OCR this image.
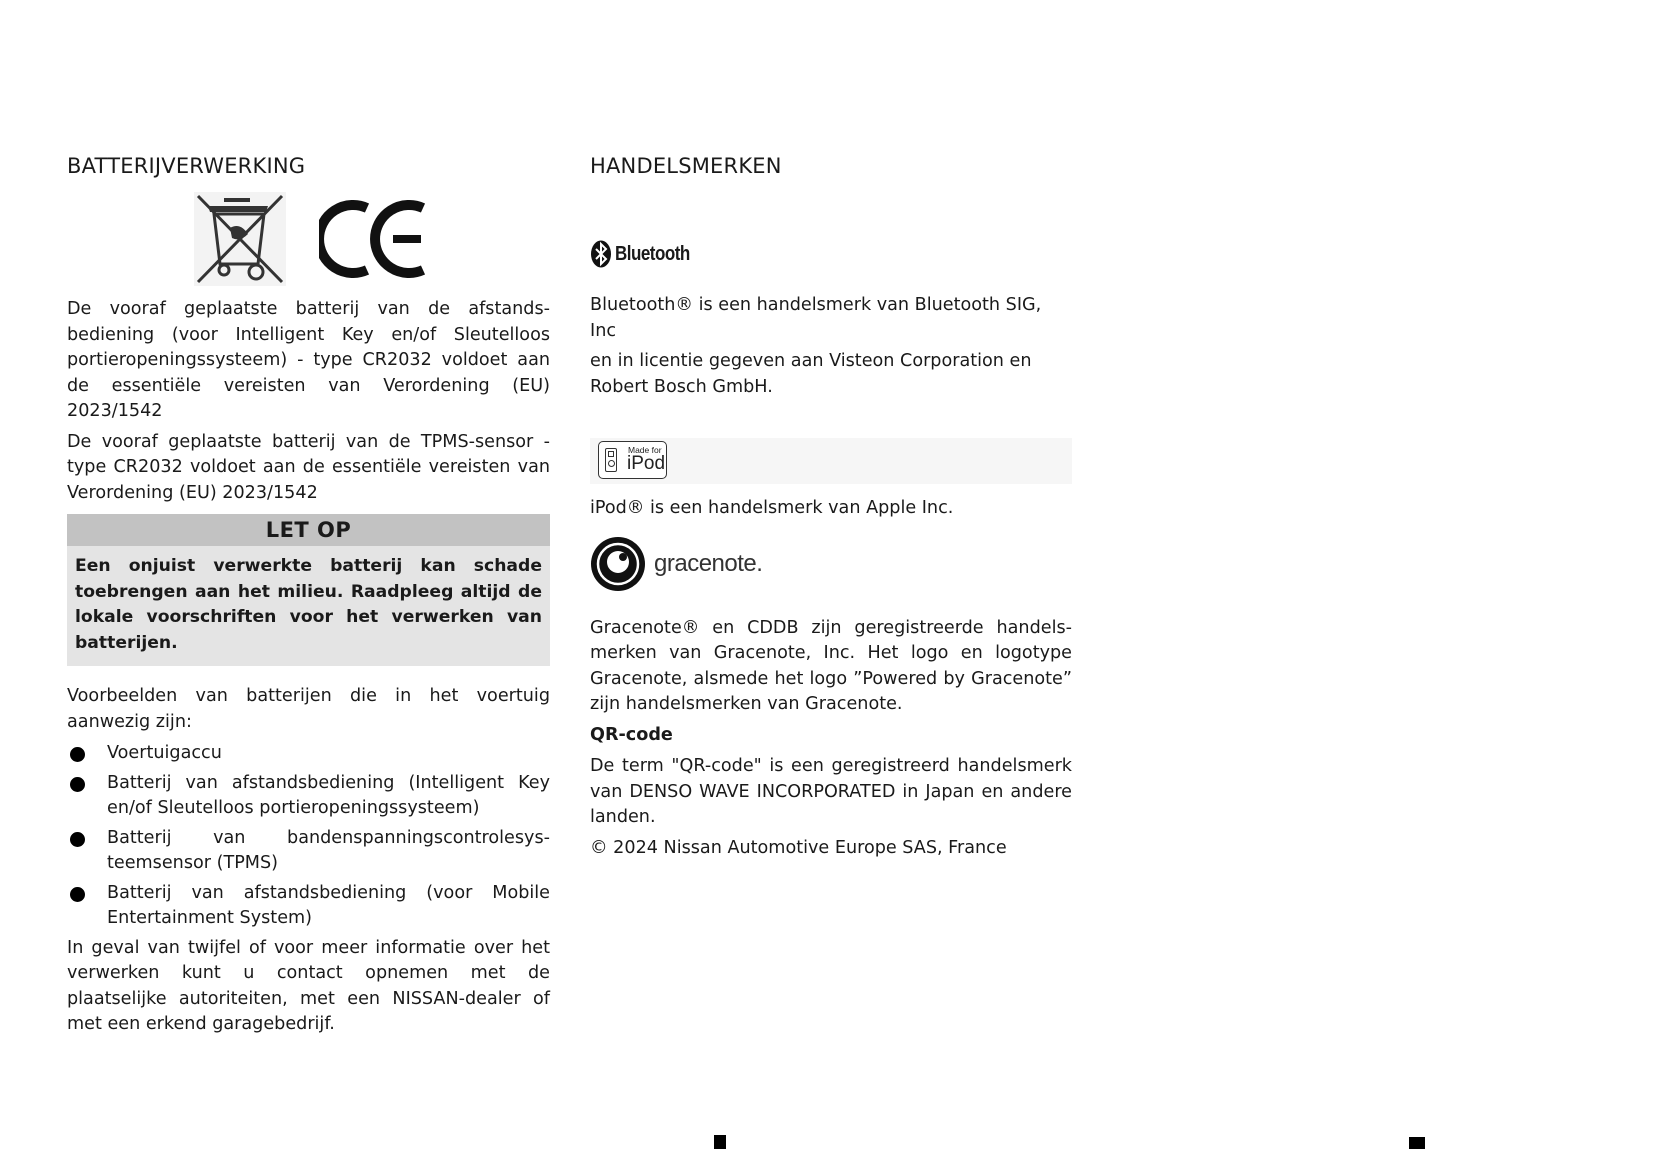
BATTERIJVERWERKING

De vooraf geplaatste batterij van de afstandsbediening (voor Intelligent Key en/of Sleutelloos portieropeningssysteem) - type CR2032 voldoet aan de essentiële vereisten van Verordening (EU) 2023/1542

De vooraf geplaatste batterij van de TPMS-sensor - type CR2032 voldoet aan de essentiële vereisten van Verordening (EU) 2023/1542

LET OP
Een onjuist verwerkte batterij kan schade toebrengen aan het milieu. Raadpleeg altijd de lokale voorschriften voor het verwerken van batterijen.

Voorbeelden van batterijen die in het voertuig aanwezig zijn:

Voertuigaccu
Batterij van afstandsbediening (Intelligent Key en/of Sleutelloos portieropeningssysteem)
Batterij van bandenspanningscontrolesysteemsensor (TPMS)
Batterij van afstandsbediening (voor Mobile Entertainment System)

In geval van twijfel of voor meer informatie over het verwerken kunt u contact opnemen met de plaatselijke autoriteiten, met een NISSAN-dealer of met een erkend garagebedrijf.

HANDELSMERKEN
Bluetooth

Bluetooth® is een handelsmerk van Bluetooth SIG, Inc

en in licentie gegeven aan Visteon Corporation en Robert Bosch GmbH.

Made for
iPod

iPod® is een handelsmerk van Apple Inc.

gracenote.

Gracenote® en CDDB zijn geregistreerde handelsmerken van Gracenote, Inc. Het logo en logotype Gracenote, alsmede het logo ”Powered by Gracenote” zijn handelsmerken van Gracenote.

QR-code

De term "QR-code" is een geregistreerd handelsmerk van DENSO WAVE INCORPORATED in Japan en andere landen.

© 2024 Nissan Automotive Europe SAS, France
